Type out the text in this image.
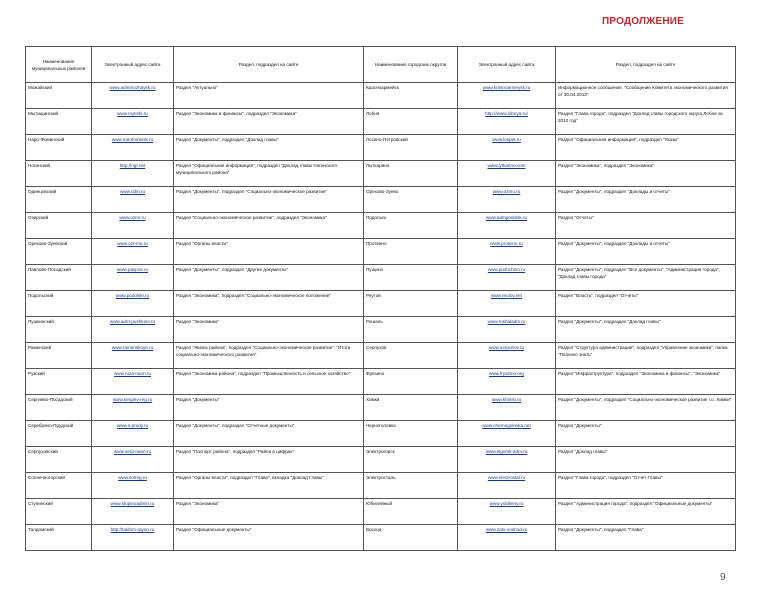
ПРОДОЛЖЕНИЕ
Наименование муниципальных районов	Электронный адрес сайта	Раздел, подраздел на сайте	Наименование городских округов	Электронный адрес сайта	Раздел, подраздел на сайте
Можайский	www.admmozhaysk.ru	Раздел "Актуально"	Красноармейск	www.krasnoarmeysk.ru	Информационное сообщение, "Сообщение Комитета экономического развития от 30.04.2013"
Мытищинский	www.mytishi.ru	Раздел "Экономика и финансы", подраздел "Экономика"	Лобня	http://www.lobnya.ru/	Раздел "Глава города", подраздел "Доклад главы городского округа Лобня за 2012 год"
Наро-Фоминский	www.narofominsk.ru	Раздел "Документы", подраздел "Доклад главы"	Лосино-Петровский	www.lospet.ru	Раздел "Официальная информация", подраздел "Указы"
Ногинский	http://ngr.net	Раздел "Официальная информация", подраздел "Доклад главы Ногинского муниципального района"	Лыткарино	www.lytkarino.com	Раздел "Экономика", подраздел "Экономика"
Одинцовский	www.odin.ru	Раздел "Документы", подраздел "Социально-экономическое развитие"	Орехово-Зуево	www.ozmo.ru	Раздел "Документы", подраздел "Доклады и отчеты"
Озерский	www.ozmr.ru	Раздел "Социально-экономическое развитие", подраздел "Экономика"	Подольск	www.admpodolsk.ru	Раздел "Отчеты"
Орехово-Зуевский	www.ozr-mo.ru	Раздел "Органы власти"	Протвино	www.protvino.ru	Раздел "Документы", подраздел "Доклады и отчеты"
Павлово-Посадский	www.pavpos.ru	Раздел "Документы", подраздел "Другие документы"	Пущино	www.pushchino.ru	Раздел "Документы", подраздел "Все документы", "Администрация города", "Доклад главы города"
Подольский	www.podolskr.ru	Раздел "Экономика", подраздел "Социально-экономическое положение"	Реутов	www.reutov.net	Раздел "Власть", подраздел "Отчеты"
Пушкинский	www.adm-pushkino.ru	Раздел "Экономика"	Рошаль	www.roshaladm.ru	Раздел "Документы", подраздел "Доклад главы"
Раменский	www.ramenskoye.ru	Раздел "Жизнь района", подраздел "Социально-экономическое развитие", "Итоги социально-экономического развития"	Серпухов	www.serpuhov.ru	Раздел "Структура администрации", подраздел "Управление экономики", папка "Полезно знать"
Рузский	www.ruza-raion.ru	Раздел "Экономика района", подраздел "Промышленность и сельское хозяйство"	Фрязино	www.fryazino.org	Раздел "Инфраструктура", подраздел "Экономика и финансы", "Экономика"
Сергиево-Посадский	www.sergiev-reg.ru	Раздел "Документы"	Химки	www.khimki.ru	Раздел "Документы", подраздел "Социально-экономическое развитие г.о. Химки"
Серебряно-Прудский	www.s-prudy.ru	Раздел "Документы", подраздел "Отчетные документы"	Черноголовка	www.chernogolovka.net	Раздел "Документы"
Серпуховский	www.serp-raion.ru	Раздел "Паспорт района", подраздел "Район в цифрах"	Электрогорск	www.elgorsk-adm.ru	Раздел "Доклад главы"
Солнечногорский	www.solreg.ru	Раздел "Органы власти", подраздел "Глава", вкладка "Доклад Главы"	Электросталь	www.electrostal.ru	Раздел "Глава города", подраздел "Отчет Главы"
Ступинский	www.stupinoadmin.ru	Раздел "Экономика"	Юбилейный	www.yubileiny.ru	Раздел "Администрация города", подраздел "Официальные документы"
Талдомский	http://taldom-rayon.ru	Раздел "Официальные документы"	Восход	www.zato-voshod.ru	Раздел "Документы", подраздел "Глава"
9
